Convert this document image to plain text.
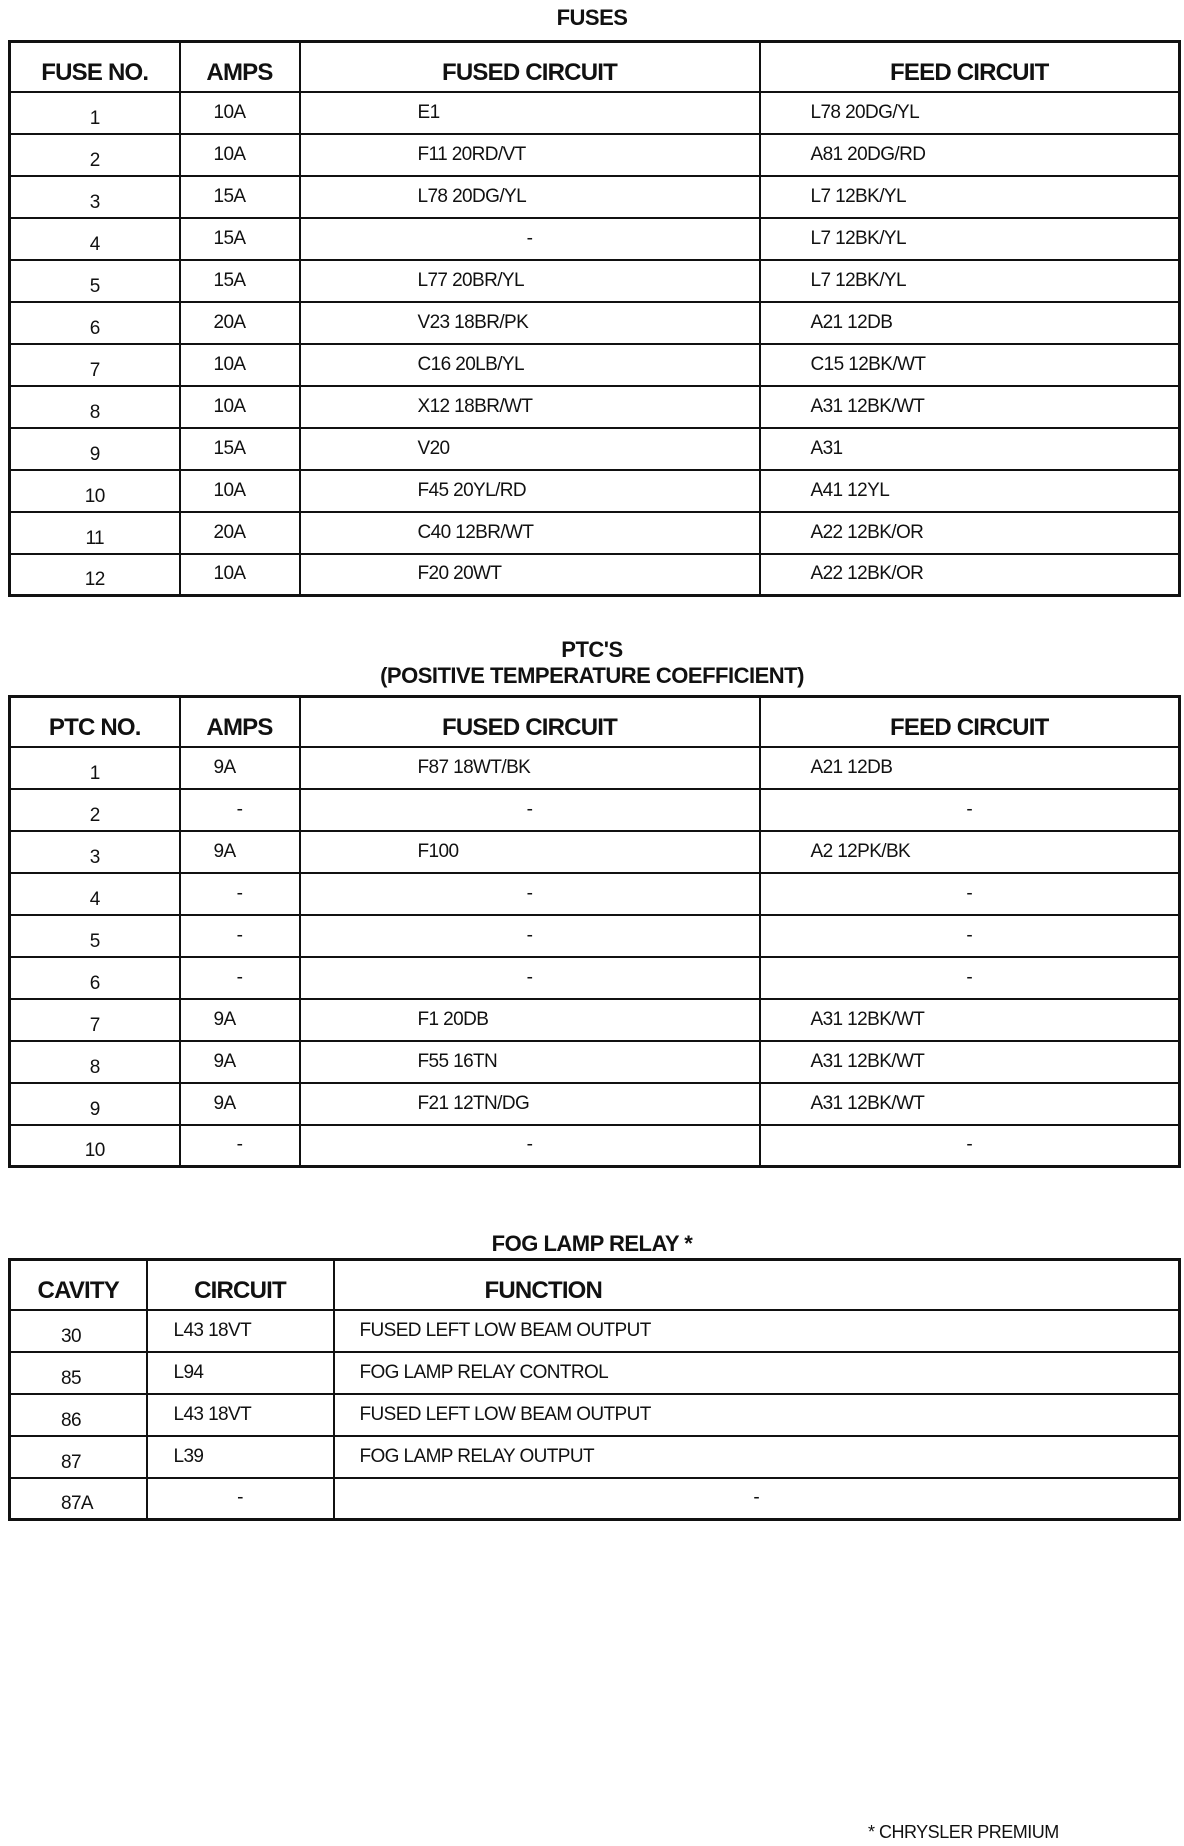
FUSES
FUSE NO.	AMPS	FUSED CIRCUIT	FEED CIRCUIT
1	10A	E1	L78 20DG/YL
2	10A	F11 20RD/VT	A81 20DG/RD
3	15A	L78 20DG/YL	L7 12BK/YL
4	15A	-	L7 12BK/YL
5	15A	L77 20BR/YL	L7 12BK/YL
6	20A	V23 18BR/PK	A21 12DB
7	10A	C16 20LB/YL	C15 12BK/WT
8	10A	X12 18BR/WT	A31 12BK/WT
9	15A	V20	A31
10	10A	F45 20YL/RD	A41 12YL
11	20A	C40 12BR/WT	A22 12BK/OR
12	10A	F20 20WT	A22 12BK/OR
PTC'S
(POSITIVE TEMPERATURE COEFFICIENT)
PTC NO.	AMPS	FUSED CIRCUIT	FEED CIRCUIT
1	9A	F87 18WT/BK	A21 12DB
2	-	-	-
3	9A	F100	A2 12PK/BK
4	-	-	-
5	-	-	-
6	-	-	-
7	9A	F1 20DB	A31 12BK/WT
8	9A	F55 16TN	A31 12BK/WT
9	9A	F21 12TN/DG	A31 12BK/WT
10	-	-	-
FOG LAMP RELAY *
CAVITY	CIRCUIT	FUNCTION
30	L43 18VT	FUSED LEFT LOW BEAM OUTPUT
85	L94	FOG LAMP RELAY CONTROL
86	L43 18VT	FUSED LEFT LOW BEAM OUTPUT
87	L39	FOG LAMP RELAY OUTPUT
87A	-	-
* CHRYSLER PREMIUM
